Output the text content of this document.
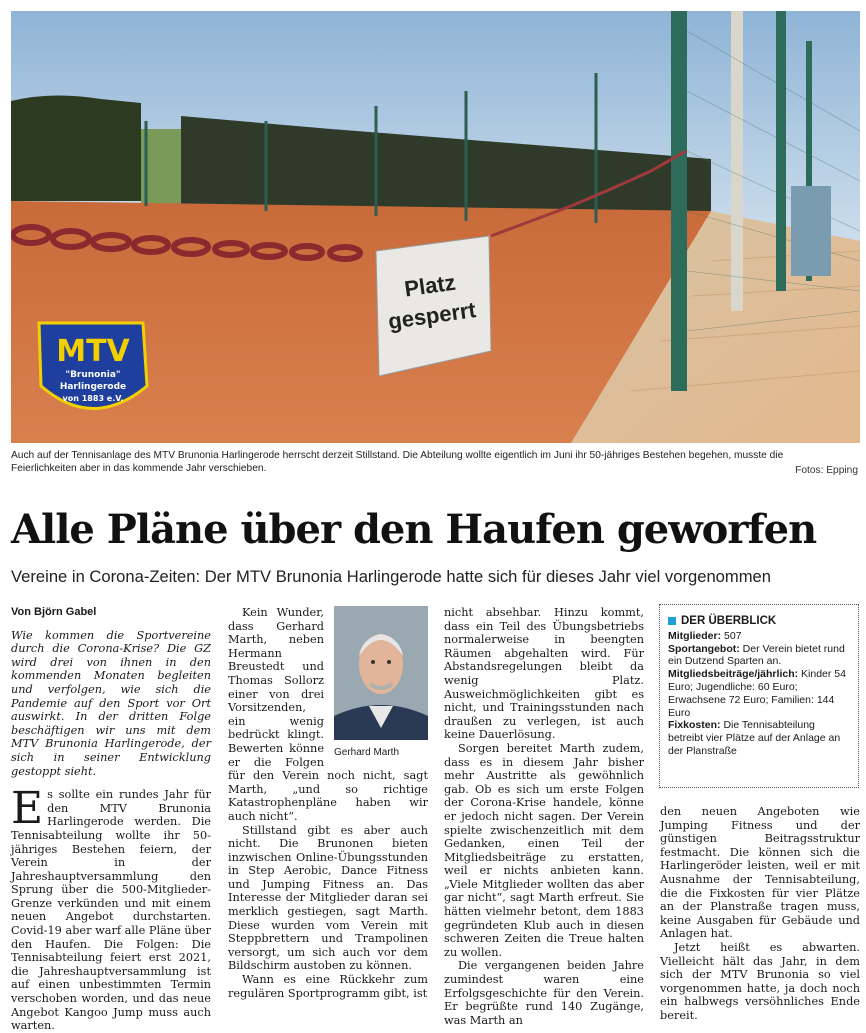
Platz
gesperrt
MTV
"Brunonia"
Harlingerode
von 1883 e.V.
Auch auf der Tennisanlage des MTV Brunonia Harlingerode herrscht derzeit Stillstand. Die Abteilung wollte eigentlich im Juni ihr 50-jähriges Bestehen begehen, musste die Feierlichkeiten aber in das kommende Jahr verschieben.	Fotos: Epping
Alle Pläne über den Haufen geworfen

Vereine in Corona-Zeiten: Der MTV Brunonia Harlingerode hatte sich für dieses Jahr viel vorgenommen

Von Björn Gabel

Wie kommen die Sportvereine durch die Corona-Krise? Die GZ wird drei von ihnen in den kommenden Monaten begleiten und verfolgen, wie sich die Pandemie auf den Sport vor Ort auswirkt. In der dritten Folge beschäftigen wir uns mit dem MTV Brunonia Harlingerode, der sich in seiner Entwicklung gestoppt sieht.

Es sollte ein rundes Jahr für den MTV Brunonia Harlingerode werden. Die Tennisabteilung wollte ihr 50-jähriges Bestehen feiern, der Verein in der Jahreshauptversammlung den Sprung über die 500-Mitglieder-Grenze verkünden und mit einem neuen Angebot durchstarten. Covid-19 aber warf alle Pläne über den Haufen. Die Folgen: Die Tennisabteilung feiert erst 2021, die Jahreshauptversammlung ist auf einen unbestimmten Termin verschoben worden, und das neue Angebot Kangoo Jump muss auch warten.

Kein Wunder, dass Gerhard Marth, neben Hermann Breustedt und Thomas Sollorz einer von drei Vorsitzenden, ein wenig bedrückt klingt. Bewerten könne er die Folgen für den Verein noch nicht, sagt Marth, „und so richtige Katastrophenpläne haben wir auch nicht“.

Stillstand gibt es aber auch nicht. Die Brunonen bieten inzwischen Online-Übungsstunden in Step Aerobic, Dance Fitness und Jumping Fitness an. Das Interesse der Mitglieder daran sei merklich gestiegen, sagt Marth. Diese wurden vom Verein mit Steppbrettern und Trampolinen versorgt, um sich auch vor dem Bildschirm austoben zu können.

Wann es eine Rückkehr zum regulären Sportprogramm gibt, ist

Gerhard Marth

nicht absehbar. Hinzu kommt, dass ein Teil des Übungsbetriebs normalerweise in beengten Räumen abgehalten wird. Für Abstandsregelungen bleibt da wenig Platz. Ausweichmöglichkeiten gibt es nicht, und Trainingsstunden nach draußen zu verlegen, ist auch keine Dauerlösung.

Sorgen bereitet Marth zudem, dass es in diesem Jahr bisher mehr Austritte als gewöhnlich gab. Ob es sich um erste Folgen der Corona-Krise handele, könne er jedoch nicht sagen. Der Verein spielte zwischenzeitlich mit dem Gedanken, einen Teil der Mitgliedsbeiträge zu erstatten, weil er nichts anbieten kann. „Viele Mitglieder wollten das aber gar nicht“, sagt Marth erfreut. Sie hätten vielmehr betont, dem 1883 gegründeten Klub auch in diesen schweren Zeiten die Treue halten zu wollen.

Die vergangenen beiden Jahre zumindest waren eine Erfolgsgeschichte für den Verein. Er begrüßte rund 140 Zugänge, was Marth an

DER ÜBERBLICK

Mitglieder: 507

Sportangebot: Der Verein bietet rund ein Dutzend Sparten an.

Mitgliedsbeiträge/jährlich: Kinder 54 Euro; Jugendliche: 60 Euro; Erwachsene 72 Euro; Familien: 144 Euro

Fixkosten: Die Tennisabteilung betreibt vier Plätze auf der Anlage an der Planstraße

den neuen Angeboten wie Jumping Fitness und der günstigen Beitragsstruktur festmacht. Die können sich die Harlingeröder leisten, weil er mit Ausnahme der Tennisabteilung, die die Fixkosten für vier Plätze an der Planstraße tragen muss, keine Ausgaben für Gebäude und Anlagen hat.

Jetzt heißt es abwarten. Vielleicht hält das Jahr, in dem sich der MTV Brunonia so viel vorgenommen hatte, ja doch noch ein halbwegs versöhnliches Ende bereit.
